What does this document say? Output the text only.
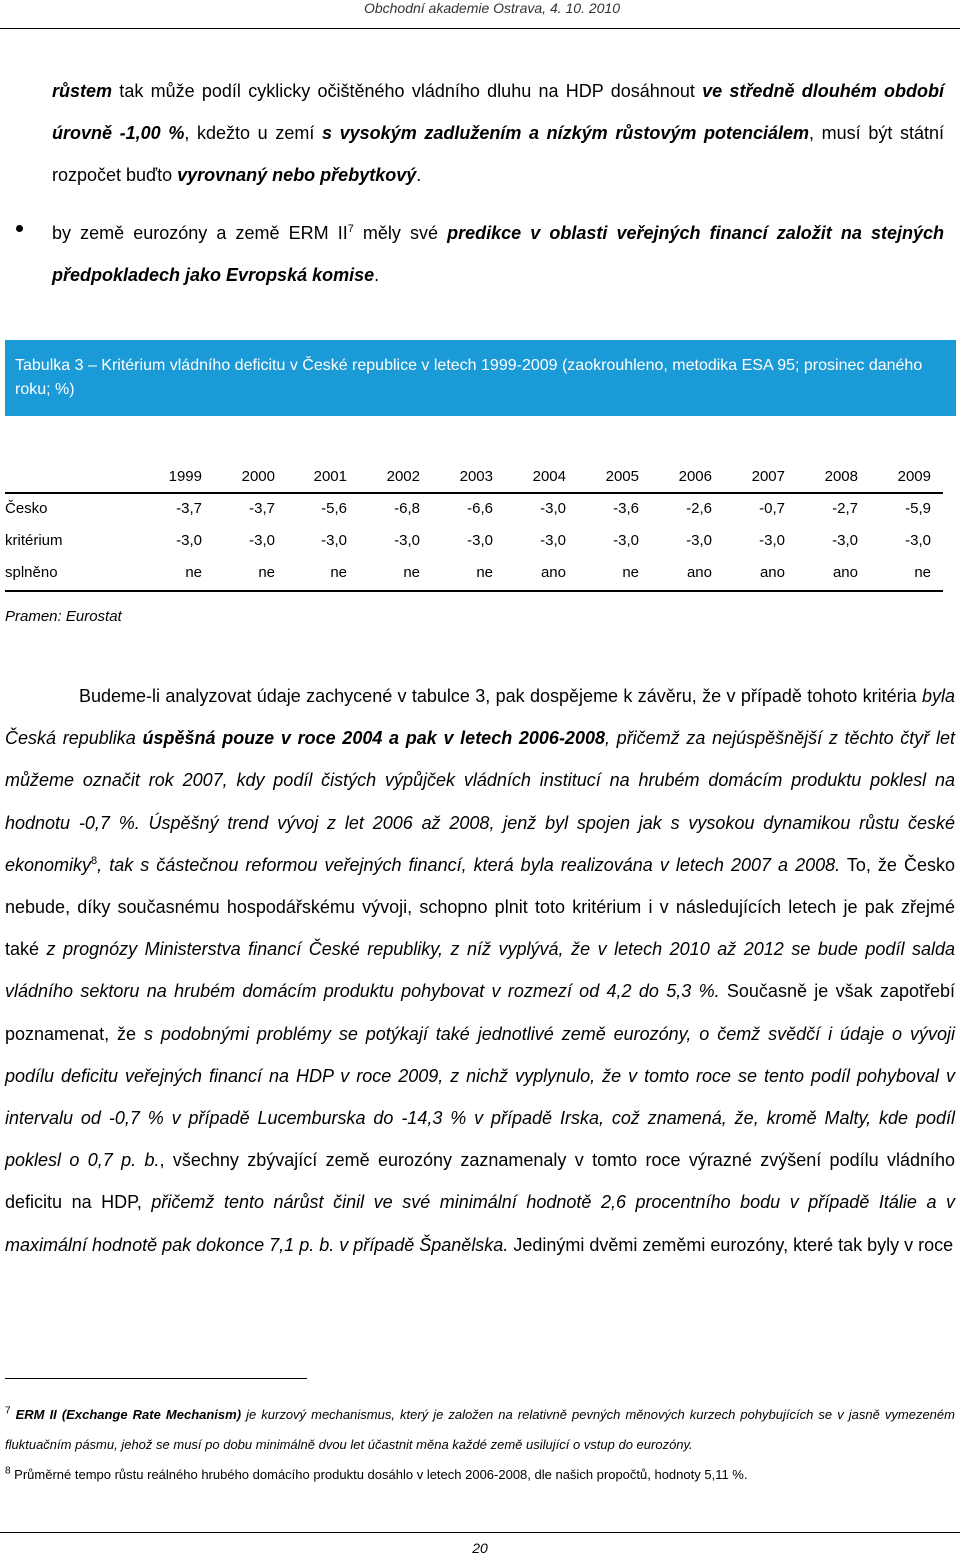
Obchodní akademie Ostrava, 4. 10. 2010

růstem tak může podíl cyklicky očištěného vládního dluhu na HDP dosáhnout ve středně dlouhém období úrovně -1,00 %, kdežto u zemí s vysokým zadlužením a nízkým růstovým potenciálem, musí být státní rozpočet buďto vyrovnaný nebo přebytkový.

by země eurozóny a země ERM $II^7$ měly své predikce v oblasti veřejných financí založit na stejných předpokladech jako Evropská komise.

Tabulka 3 – Kritérium vládního deficitu v České republice v letech 1999-2009 (zaokrouhleno, metodika ESA 95; prosinec daného roku; %)
1999	2000	2001	2002	2003	2004	2005	2006	2007	2008	2009
Česko	-3,7	-3,7	-5,6	-6,8	-6,6	-3,0	-3,6	-2,6	-0,7	-2,7	-5,9
kritérium	-3,0	-3,0	-3,0	-3,0	-3,0	-3,0	-3,0	-3,0	-3,0	-3,0	-3,0
splněno	ne	ne	ne	ne	ne	ano	ne	ano	ano	ano	ne
Pramen: Eurostat

Budeme-li analyzovat údaje zachycené v tabulce 3, pak dospějeme k závěru, že v případě tohoto kritéria byla Česká republika úspěšná pouze v roce 2004 a pak v letech 2006-2008, přičemž za nejúspěšnější z těchto čtyř let můžeme označit rok 2007, kdy podíl čistých výpůjček vládních institucí na hrubém domácím produktu poklesl na hodnotu -0,7 %. Úspěšný trend vývoj z let 2006 až 2008, jenž byl spojen jak s vysokou dynamikou růstu české ekonomiky$^8$, tak s částečnou reformou veřejných financí, která byla realizována v letech 2007 a 2008. To, že Česko nebude, díky současnému hospodářskému vývoji, schopno plnit toto kritérium i v následujících letech je pak zřejmé také z prognózy Ministerstva financí České republiky, z níž vyplývá, že v letech 2010 až 2012 se bude podíl salda vládního sektoru na hrubém domácím produktu pohybovat v rozmezí od 4,2 do 5,3 %. Současně je však zapotřebí poznamenat, že s podobnými problémy se potýkají také jednotlivé země eurozóny, o čemž svědčí i údaje o vývoji podílu deficitu veřejných financí na HDP v roce 2009, z nichž vyplynulo, že v tomto roce se tento podíl pohyboval v intervalu od -0,7 % v případě Lucemburska do -14,3 % v případě Irska, což znamená, že, kromě Malty, kde podíl poklesl o 0,7 p. b., všechny zbývající země eurozóny zaznamenaly v tomto roce výrazné zvýšení podílu vládního deficitu na HDP, přičemž tento nárůst činil ve své minimální hodnotě 2,6 procentního bodu v případě Itálie a v maximální hodnotě pak dokonce 7,1 p. b. v případě Španělska. Jedinými dvěmi zeměmi eurozóny, které tak byly v roce

$^7$ ERM II (Exchange Rate Mechanism) je kurzový mechanismus, který je založen na relativně pevných měnových kurzech pohybujících se v jasně vymezeném fluktuačním pásmu, jehož se musí po dobu minimálně dvou let účastnit měna každé země usilující o vstup do eurozóny.

$^8$ Průměrné tempo růstu reálného hrubého domácího produktu dosáhlo v letech 2006-2008, dle našich propočtů, hodnoty 5,11 %.

20
